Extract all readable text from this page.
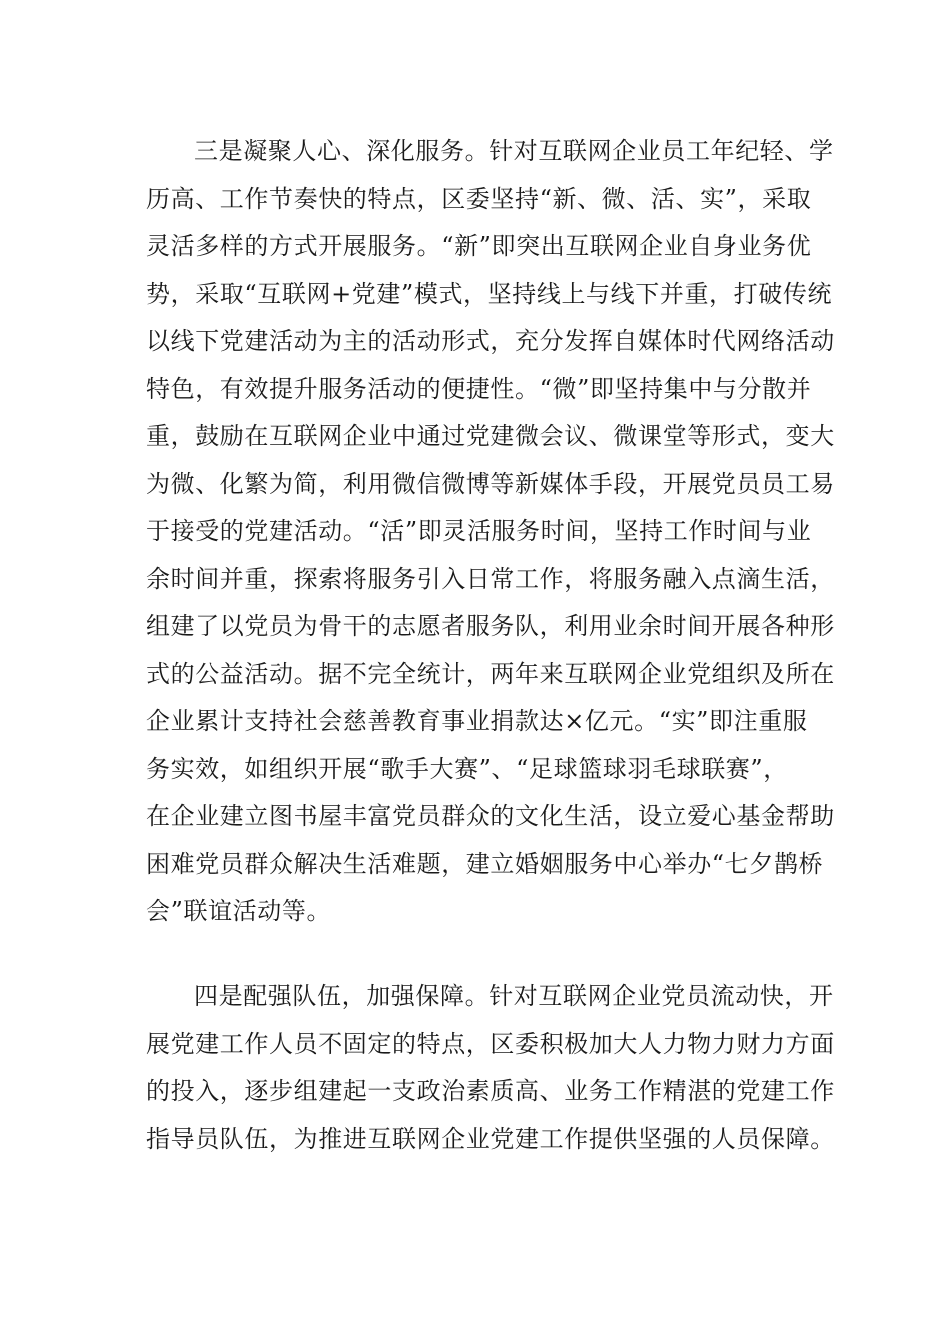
三是凝聚人心、深化服务。针对互联网企业员工年纪轻、学
历高、工作节奏快的特点，区委坚持“新、微、活、实”，采取
灵活多样的方式开展服务。“新”即突出互联网企业自身业务优
势，采取“互联网+党建”模式，坚持线上与线下并重，打破传统
以线下党建活动为主的活动形式，充分发挥自媒体时代网络活动
特色，有效提升服务活动的便捷性。“微”即坚持集中与分散并
重，鼓励在互联网企业中通过党建微会议、微课堂等形式，变大
为微、化繁为简，利用微信微博等新媒体手段，开展党员员工易
于接受的党建活动。“活”即灵活服务时间，坚持工作时间与业
余时间并重，探索将服务引入日常工作，将服务融入点滴生活，
组建了以党员为骨干的志愿者服务队，利用业余时间开展各种形
式的公益活动。据不完全统计，两年来互联网企业党组织及所在
企业累计支持社会慈善教育事业捐款达×亿元。“实”即注重服
务实效，如组织开展“歌手大赛”、“足球篮球羽毛球联赛”，
在企业建立图书屋丰富党员群众的文化生活，设立爱心基金帮助
困难党员群众解决生活难题，建立婚姻服务中心举办“七夕鹊桥
会”联谊活动等。
四是配强队伍，加强保障。针对互联网企业党员流动快，开
展党建工作人员不固定的特点，区委积极加大人力物力财力方面
的投入，逐步组建起一支政治素质高、业务工作精湛的党建工作
指导员队伍，为推进互联网企业党建工作提供坚强的人员保障。
